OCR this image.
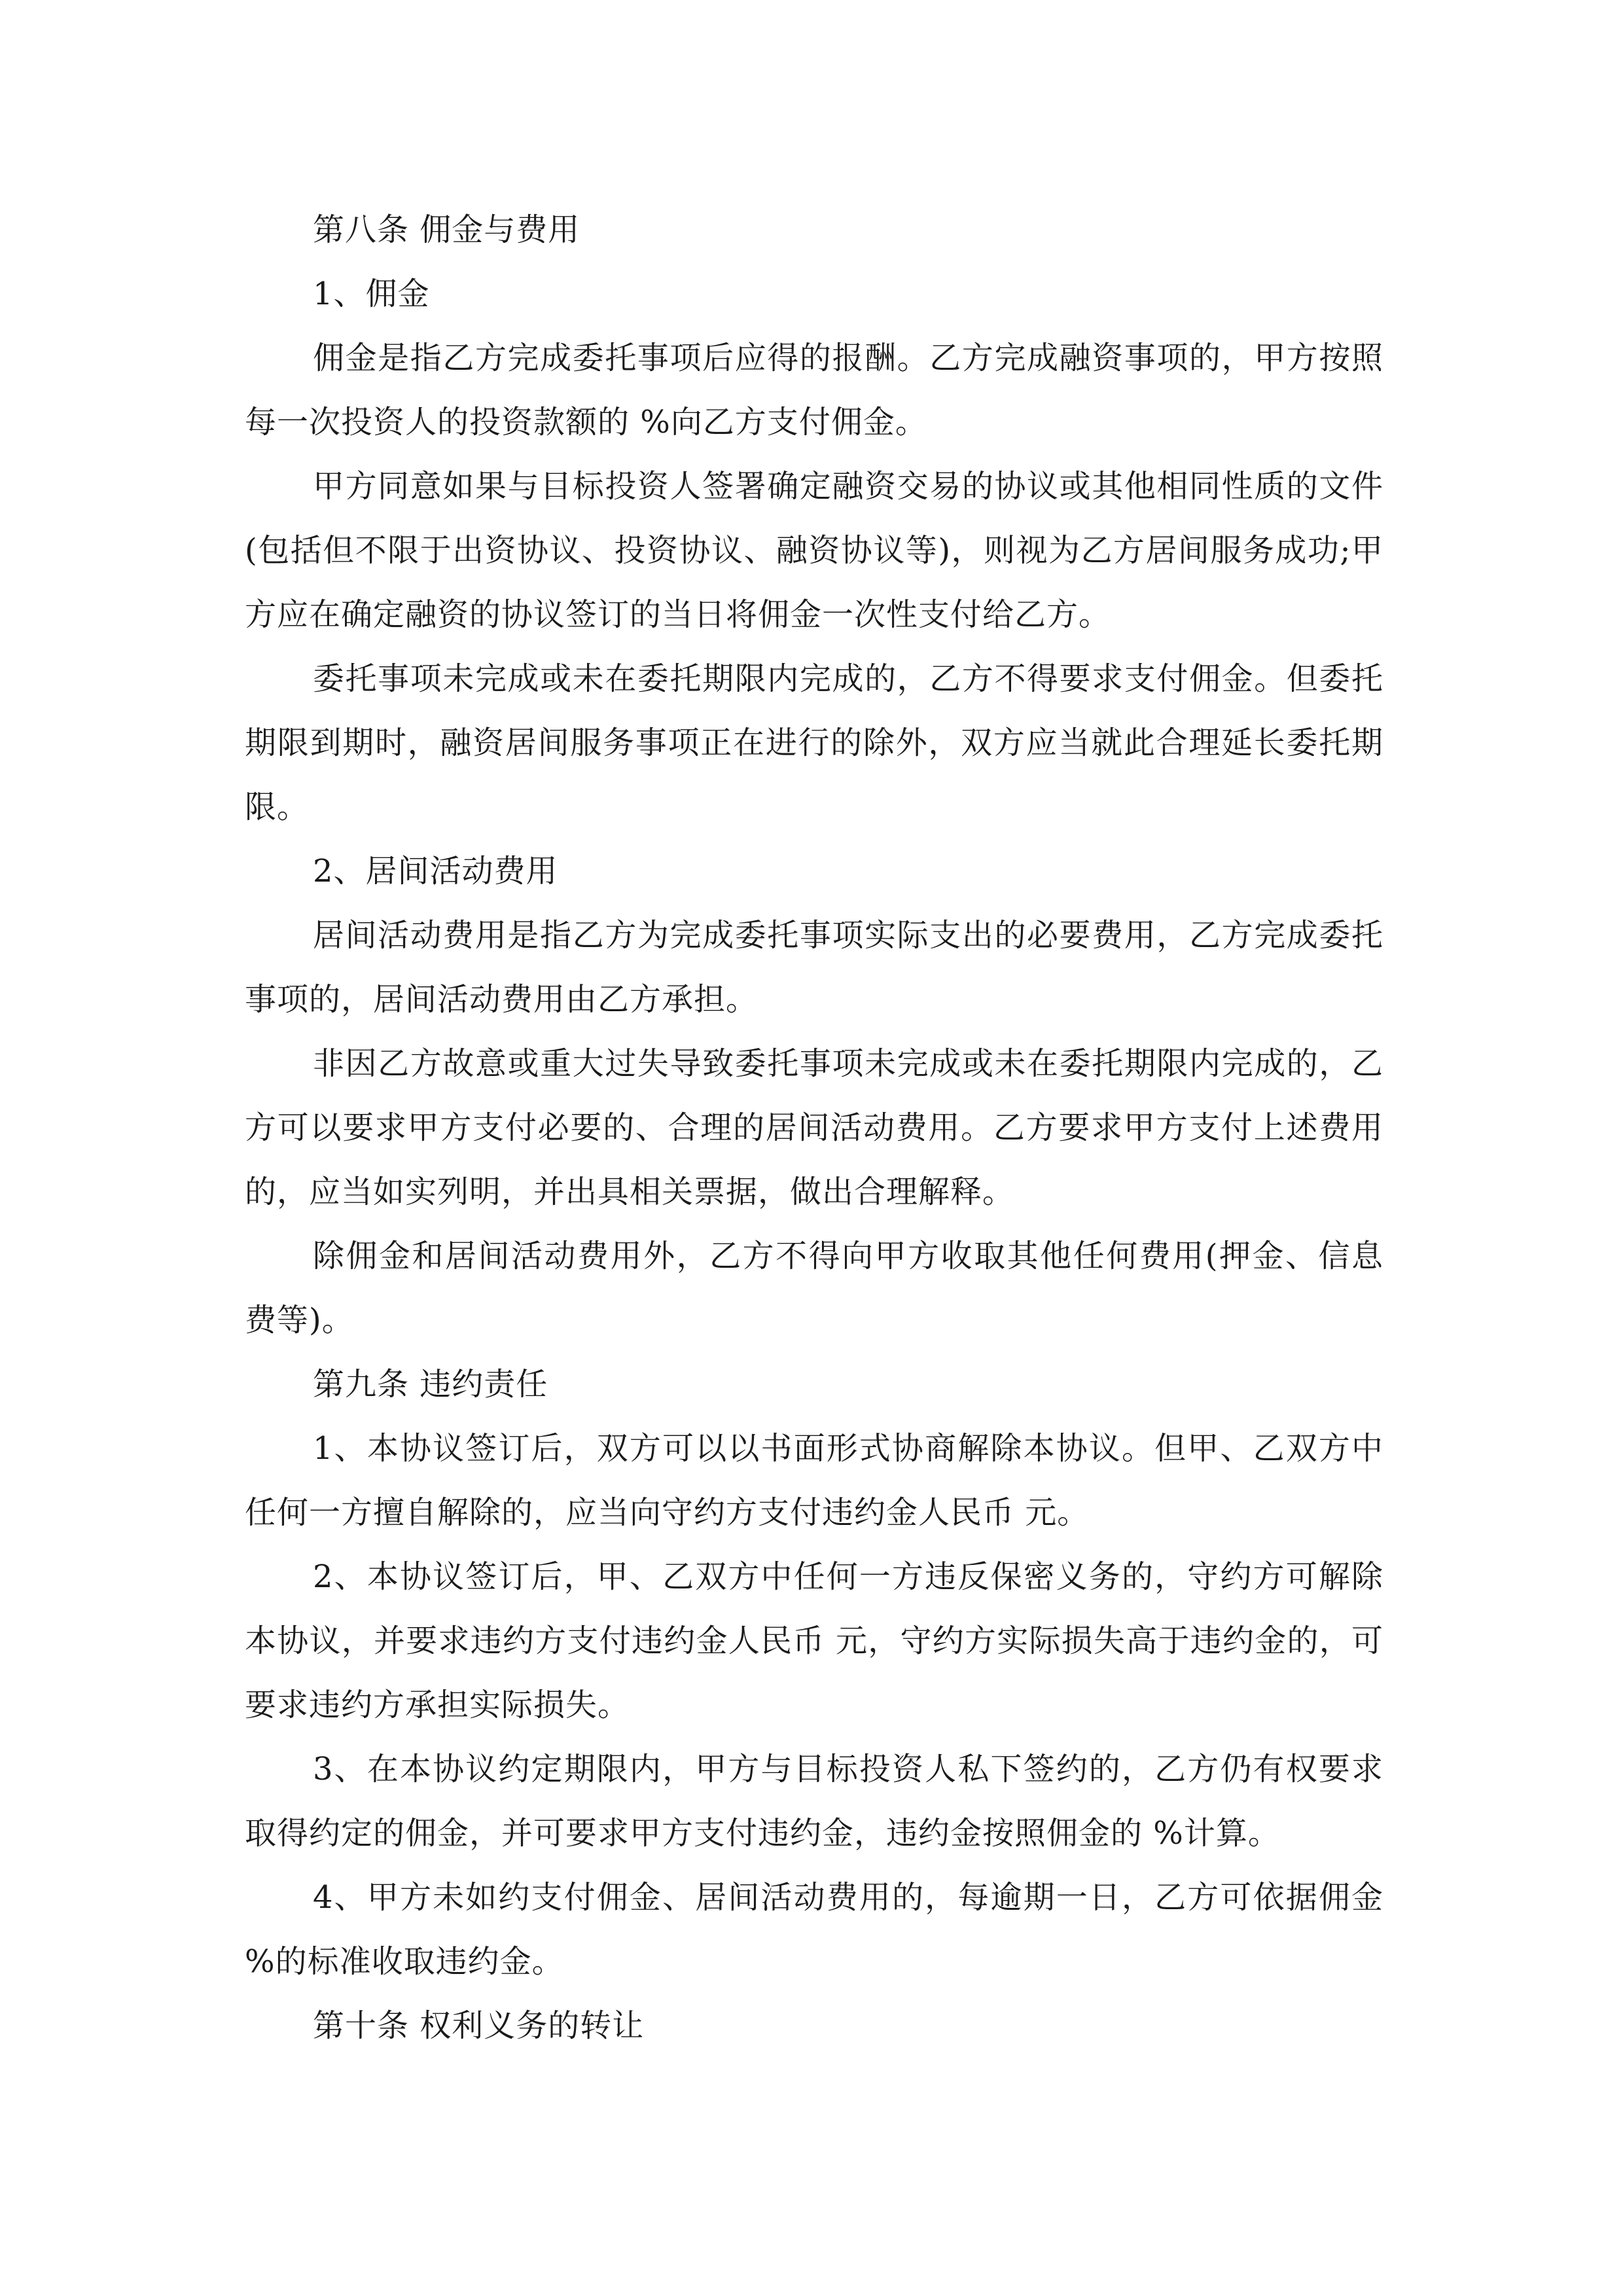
第八条 佣金与费用

1、佣金

佣金是指乙方完成委托事项后应得的报酬。乙方完成融资事项的，甲方按照每一次投资人的投资款额的 %向乙方支付佣金。

甲方同意如果与目标投资人签署确定融资交易的协议或其他相同性质的文件(包括但不限于出资协议、投资协议、融资协议等)，则视为乙方居间服务成功;甲方应在确定融资的协议签订的当日将佣金一次性支付给乙方。

委托事项未完成或未在委托期限内完成的，乙方不得要求支付佣金。但委托期限到期时，融资居间服务事项正在进行的除外，双方应当就此合理延长委托期限。

2、居间活动费用

居间活动费用是指乙方为完成委托事项实际支出的必要费用，乙方完成委托事项的，居间活动费用由乙方承担。

非因乙方故意或重大过失导致委托事项未完成或未在委托期限内完成的，乙方可以要求甲方支付必要的、合理的居间活动费用。乙方要求甲方支付上述费用的，应当如实列明，并出具相关票据，做出合理解释。

除佣金和居间活动费用外，乙方不得向甲方收取其他任何费用(押金、信息费等)。

第九条 违约责任

1、本协议签订后，双方可以以书面形式协商解除本协议。但甲、乙双方中任何一方擅自解除的，应当向守约方支付违约金人民币 元。

2、本协议签订后，甲、乙双方中任何一方违反保密义务的，守约方可解除本协议，并要求违约方支付违约金人民币 元，守约方实际损失高于违约金的，可要求违约方承担实际损失。

3、在本协议约定期限内，甲方与目标投资人私下签约的，乙方仍有权要求取得约定的佣金，并可要求甲方支付违约金，违约金按照佣金的 %计算。

4、甲方未如约支付佣金、居间活动费用的，每逾期一日，乙方可依据佣金 %的标准收取违约金。

第十条 权利义务的转让
